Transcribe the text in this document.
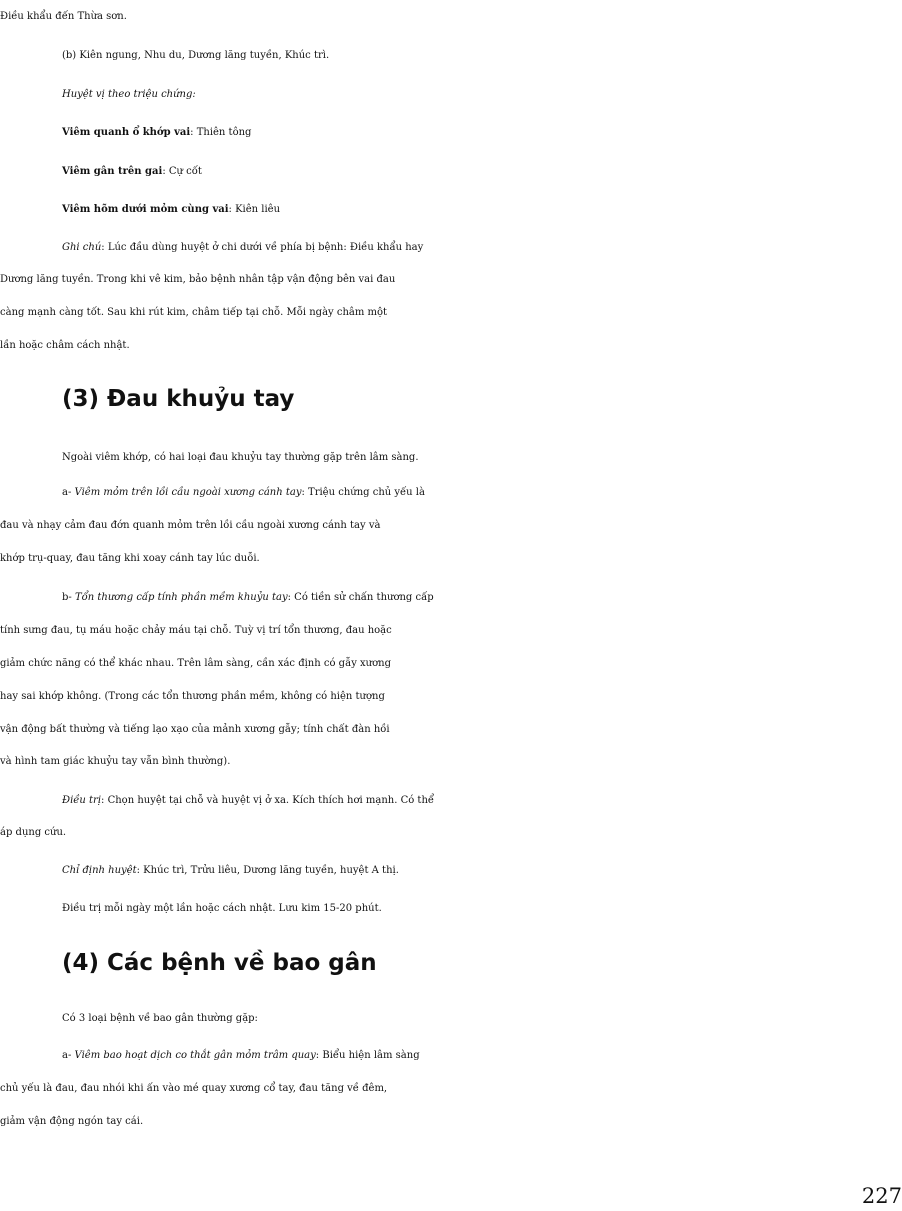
Điều khẩu đến Thừa sơn.
(b) Kiên ngung, Nhu du, Dương lăng tuyền, Khúc trì.
Huyệt vị theo triệu chứng:
Viêm quanh ổ khớp vai: Thiên tông
Viêm gân trên gai: Cự cốt
Viêm hõm dưới mỏm cùng vai: Kiên liêu
Ghi chú: Lúc đầu dùng huyệt ở chi dưới về phía bị bệnh: Điều khẩu hay
Dương lăng tuyền. Trong khi vê kim, bảo bệnh nhân tập vận động bên vai đau
càng mạnh càng tốt. Sau khi rút kim, châm tiếp tại chỗ. Mỗi ngày châm một
lần hoặc châm cách nhật.
(3) Đau khuỷu tay
Ngoài viêm khớp, có hai loại đau khuỷu tay thường gặp trên lâm sàng.
a- Viêm mỏm trên lồi cầu ngoài xương cánh tay: Triệu chứng chủ yếu là
đau và nhạy cảm đau đớn quanh mỏm trên lồi cầu ngoài xương cánh tay và
khớp trụ-quay, đau tăng khi xoay cánh tay lúc duỗi.
b- Tổn thương cấp tính phần mềm khuỷu tay: Có tiền sử chấn thương cấp
tính sưng đau, tụ máu hoặc chảy máu tại chỗ. Tuỳ vị trí tổn thương, đau hoặc
giảm chức năng có thể khác nhau. Trên lâm sàng, cần xác định có gẫy xương
hay sai khớp không. (Trong các tổn thương phần mềm, không có hiện tượng
vận động bất thường và tiếng lạo xạo của mảnh xương gẫy; tính chất đàn hồi
và hình tam giác khuỷu tay vẫn bình thường).
Điều trị: Chọn huyệt tại chỗ và huyệt vị ở xa. Kích thích hơi mạnh. Có thể
áp dụng cứu.
Chỉ định huyệt: Khúc trì, Trửu liêu, Dương lăng tuyền, huyệt A thị.
Điều trị mỗi ngày một lần hoặc cách nhật. Lưu kim 15-20 phút.
(4) Các bệnh về bao gân
Có 3 loại bệnh về bao gân thường gặp:
a- Viêm bao hoạt dịch co thắt gân mỏm trâm quay: Biểu hiện lâm sàng
chủ yếu là đau, đau nhói khi ấn vào mé quay xương cổ tay, đau tăng về đêm,
giảm vận động ngón tay cái.
227
